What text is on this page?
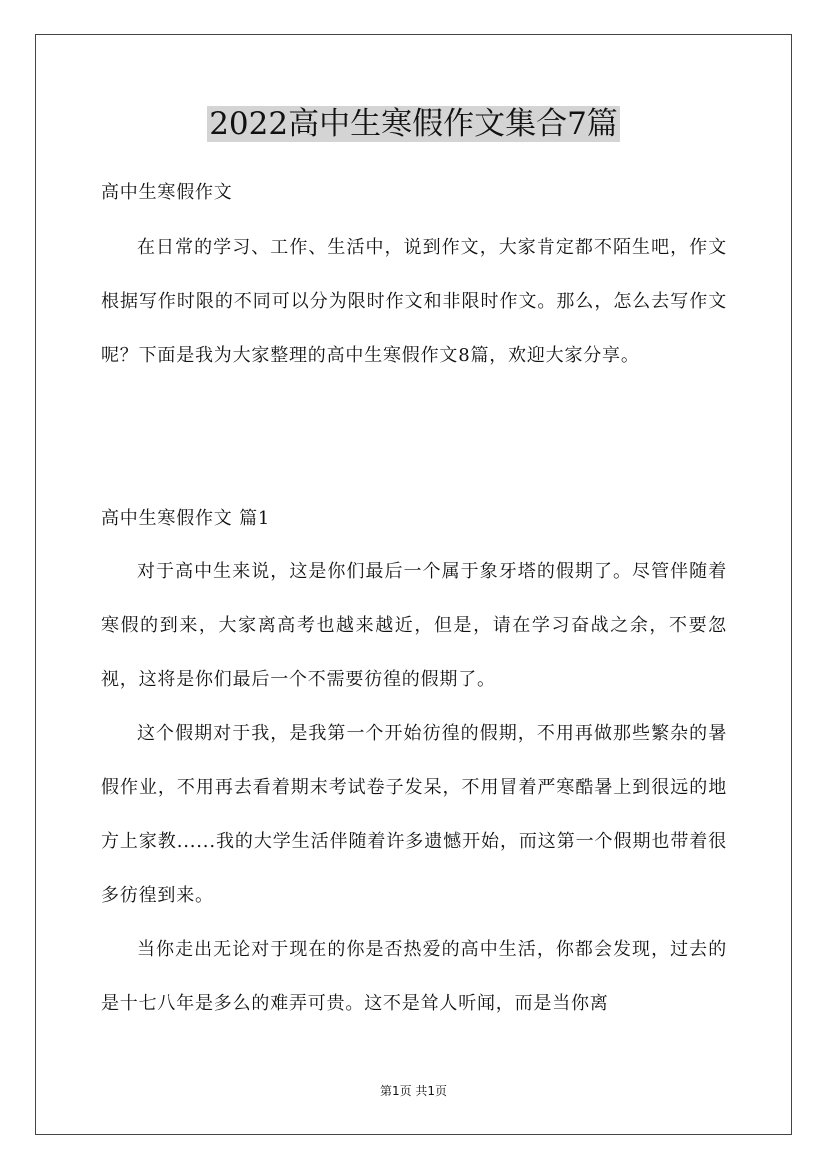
2022高中生寒假作文集合7篇

高中生寒假作文

在日常的学习、工作、生活中，说到作文，大家肯定都不陌生吧，作文根据写作时限的不同可以分为限时作文和非限时作文。那么，怎么去写作文呢？下面是我为大家整理的高中生寒假作文8篇，欢迎大家分享。

高中生寒假作文 篇1

对于高中生来说，这是你们最后一个属于象牙塔的假期了。尽管伴随着寒假的到来，大家离高考也越来越近，但是，请在学习奋战之余，不要忽视，这将是你们最后一个不需要彷徨的假期了。

这个假期对于我，是我第一个开始彷徨的假期，不用再做那些繁杂的暑假作业，不用再去看着期末考试卷子发呆，不用冒着严寒酷暑上到很远的地方上家教......我的大学生活伴随着许多遗憾开始，而这第一个假期也带着很多彷徨到来。

当你走出无论对于现在的你是否热爱的高中生活，你都会发现，过去的是十七八年是多么的难弄可贵。这不是耸人听闻，而是当你离

第1页 共1页
